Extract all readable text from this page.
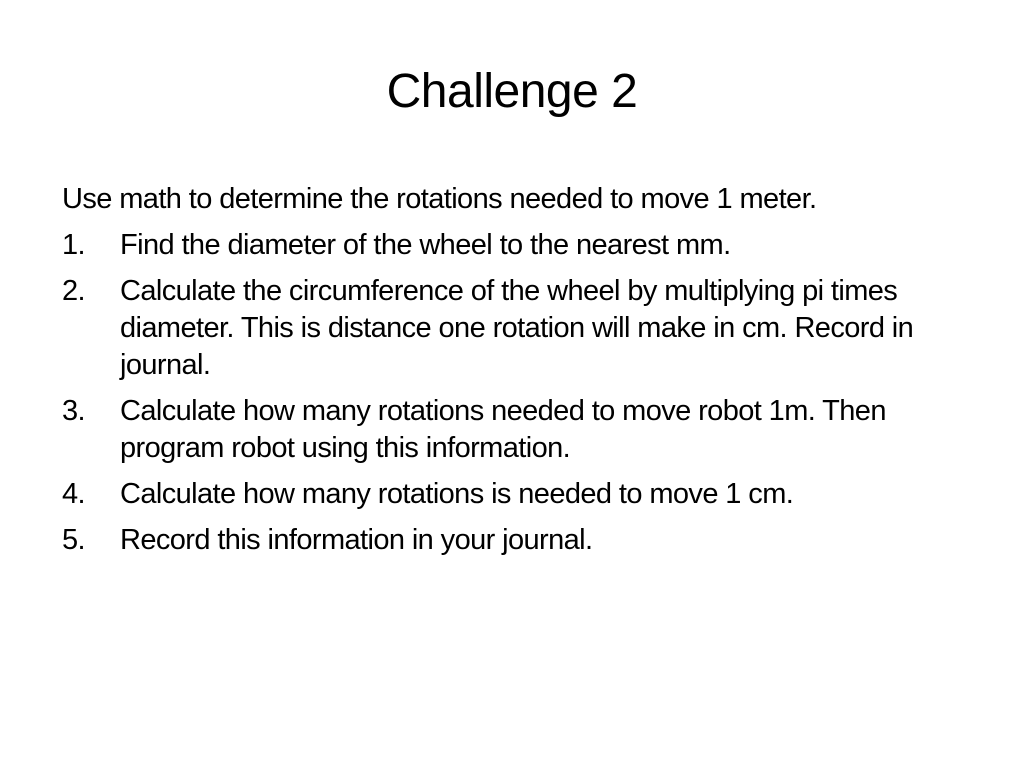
Challenge 2

Use math to determine the rotations needed to move 1 meter.

1. Find the diameter of the wheel to the nearest mm.
2. Calculate the circumference of the wheel by multiplying pi times diameter. This is distance one rotation will make in cm. Record in journal.
3. Calculate how many rotations needed to move robot 1m. Then program robot using this information.
4. Calculate how many rotations is needed to move 1 cm.
5. Record this information in your journal.
